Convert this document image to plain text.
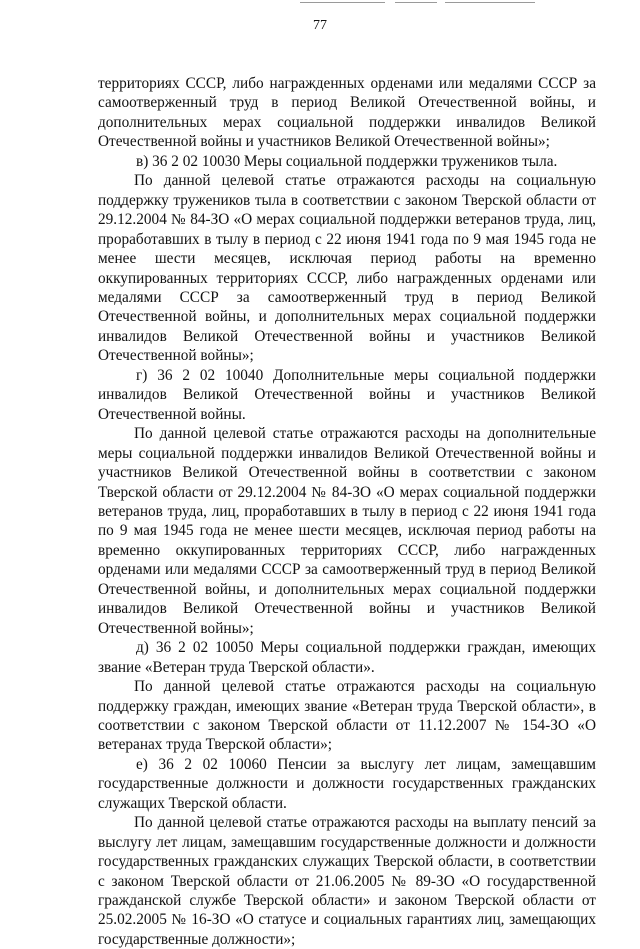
77

территориях СССР, либо награжденных орденами или медалями СССР за самоотверженный труд в период Великой Отечественной войны, и дополнительных мерах социальной поддержки инвалидов Великой Отечественной войны и участников Великой Отечественной войны»;

в) 36 2 02 10030 Меры социальной поддержки тружеников тыла.

По данной целевой статье отражаются расходы на социальную поддержку тружеников тыла в соответствии с законом Тверской области от 29.12.2004 № 84-ЗО «О мерах социальной поддержки ветеранов труда, лиц, проработавших в тылу в период с 22 июня 1941 года по 9 мая 1945 года не менее шести месяцев, исключая период работы на временно оккупированных территориях СССР, либо награжденных орденами или медалями СССР за самоотверженный труд в период Великой Отечественной войны, и дополнительных мерах социальной поддержки инвалидов Великой Отечественной войны и участников Великой Отечественной войны»;

г) 36 2 02 10040 Дополнительные меры социальной поддержки инвалидов Великой Отечественной войны и участников Великой Отечественной войны.

По данной целевой статье отражаются расходы на дополнительные меры социальной поддержки инвалидов Великой Отечественной войны и участников Великой Отечественной войны в соответствии с законом Тверской области от 29.12.2004 № 84-ЗО «О мерах социальной поддержки ветеранов труда, лиц, проработавших в тылу в период с 22 июня 1941 года по 9 мая 1945 года не менее шести месяцев, исключая период работы на временно оккупированных территориях СССР, либо награжденных орденами или медалями СССР за самоотверженный труд в период Великой Отечественной войны, и дополнительных мерах социальной поддержки инвалидов Великой Отечественной войны и участников Великой Отечественной войны»;

д) 36 2 02 10050 Меры социальной поддержки граждан, имеющих звание «Ветеран труда Тверской области».

По данной целевой статье отражаются расходы на социальную поддержку граждан, имеющих звание «Ветеран труда Тверской области», в соответствии с законом Тверской области от 11.12.2007 № 154-ЗО «О ветеранах труда Тверской области»;

е) 36 2 02 10060 Пенсии за выслугу лет лицам, замещавшим государственные должности и должности государственных гражданских служащих Тверской области.

По данной целевой статье отражаются расходы на выплату пенсий за выслугу лет лицам, замещавшим государственные должности и должности государственных гражданских служащих Тверской области, в соответствии с законом Тверской области от 21.06.2005 № 89-ЗО «О государственной гражданской службе Тверской области» и законом Тверской области от 25.02.2005 № 16-ЗО «О статусе и социальных гарантиях лиц, замещающих государственные должности»;
